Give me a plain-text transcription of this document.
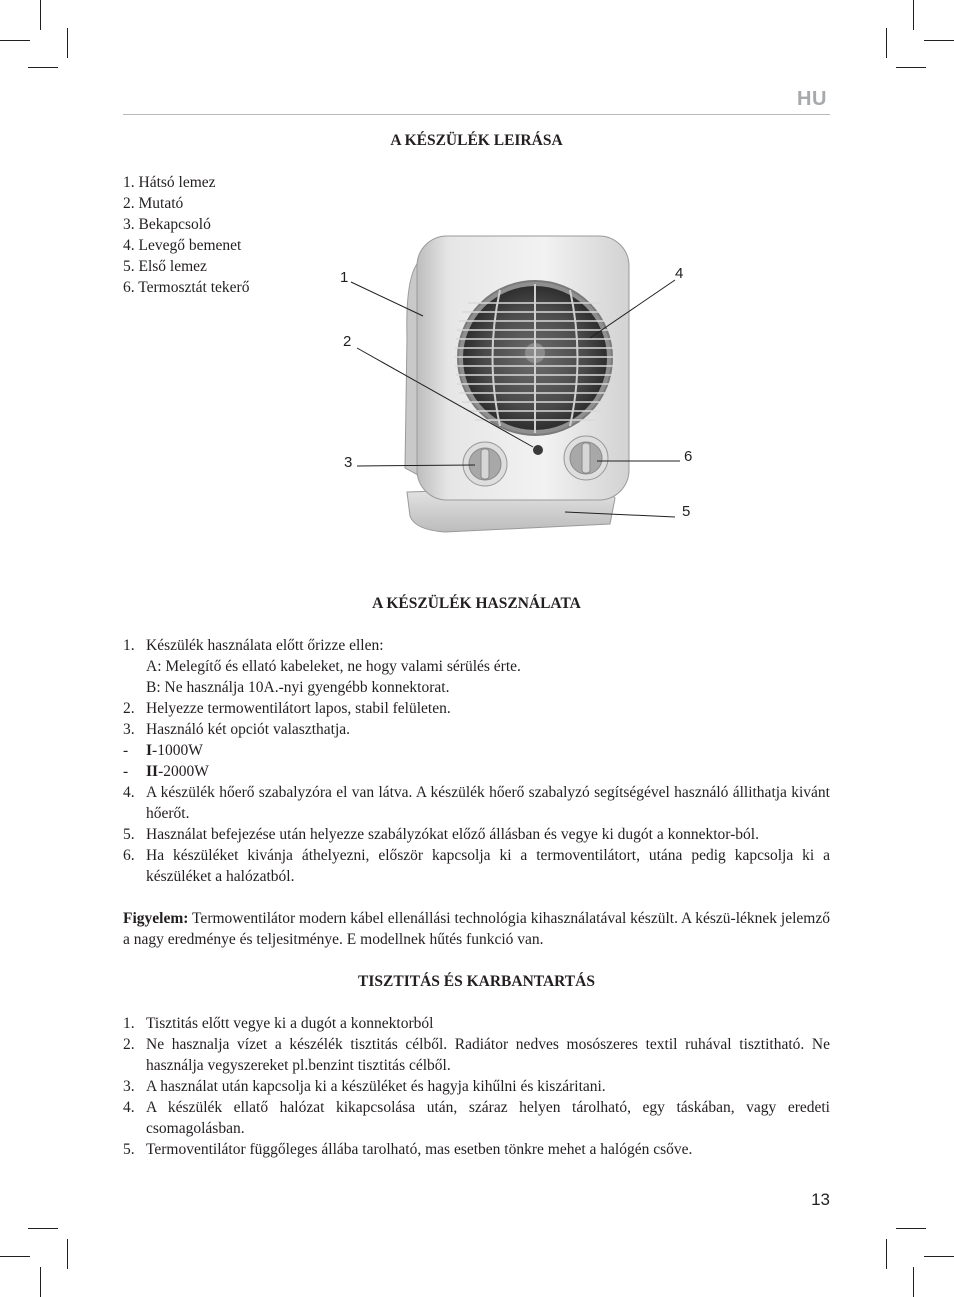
HU
A KÉSZÜLÉK LEIRÁSA
1. Hátsó lemez
2. Mutató
3. Bekapcsoló
4. Levegő bemenet
5. Első lemez
6. Termosztát tekerő
1
2
3
4
5
6
A KÉSZÜLÉK HASZNÁLATA
1. Készülék használata előtt őrizze ellen:
A: Melegítő és ellató kabeleket, ne hogy valami sérülés érte.
B: Ne használja 10A.-nyi gyengébb konnektorat.
2. Helyezze termowentilátort lapos, stabil felületen.
3. Használó két opciót valaszthatja.
- I-1000W
- II-2000W
4. A készülék hőerő szabalyzóra el van látva. A készülék hőerő szabalyzó segítségével használó állithatja kivánt hőerőt.
5. Használat befejezése után helyezze szabályzókat előző állásban és vegye ki dugót a konnektor-ból.
6. Ha készüléket kivánja áthelyezni, először kapcsolja ki a termoventilátort, utána pedig kapcsolja ki a készüléket a halózatból.

Figyelem: Termowentilátor modern kábel ellenállási technológia kihasználatával készült. A készü-léknek jelemző a nagy eredménye és teljesitménye. E modellnek hűtés funkció van.

TISZTITÁS ÉS KARBANTARTÁS
1. Tisztitás előtt vegye ki a dugót a konnektorból
2. Ne hasznalja vízet a készélék tisztitás célből. Radiátor nedves mosószeres textil ruhával tisztitható. Ne használja vegyszereket pl.benzint tisztitás célből.
3. A használat után kapcsolja ki a készüléket és hagyja kihűlni és kiszáritani.
4. A készülék ellatő halózat kikapcsolása után, száraz helyen tárolható, egy táskában, vagy eredeti csomagolásban.
5. Termoventilátor függőleges állába tarolható, mas esetben tönkre mehet a halógén csőve.
13
